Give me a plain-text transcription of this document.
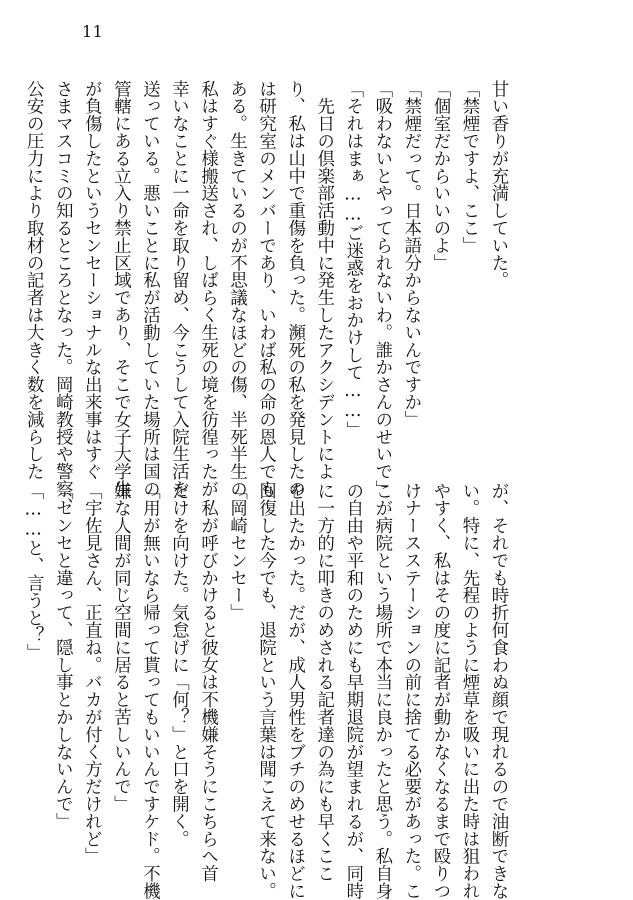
11
甘い香りが充満していた。
「禁煙ですよ、ここ」
「個室だからいいのよ」
「禁煙だって。日本語分からないんですか」
「吸わないとやってられないわ。誰かさんのせいで」
「それはまぁ……ご迷惑をおかけして……」
　先日の倶楽部活動中に発生したアクシデントによ
り、私は山中で重傷を負った。瀕死の私を発見したの
は研究室のメンバーであり、いわば私の命の恩人でも
ある。生きているのが不思議なほどの傷、半死半生の
私はすぐ様搬送され、しばらく生死の境を彷徨ったが
幸いなことに一命を取り留め、今こうして入院生活を
送っている。悪いことに私が活動していた場所は国の
管轄にある立入り禁止区域であり、そこで女子大学生
が負傷したというセンセーショナルな出来事はすぐ
さまマスコミの知るところとなった。岡崎教授や警察、
公安の圧力により取材の記者は大きく数を減らした
が、それでも時折何食わぬ顔で現れるので油断できな
い。特に、先程のように煙草を吸いに出た時は狙われ
やすく、私はその度に記者が動かなくなるまで殴りつ
けナースステーションの前に捨てる必要があった。こ
こが病院という場所で本当に良かったと思う。私自身
の自由や平和のためにも早期退院が望まれるが、同時
に一方的に叩きのめされる記者達の為にも早くここ
を出たかった。だが、成人男性をブチのめせるほどに
回復した今でも、退院という言葉は聞こえて来ない。
「岡崎センセー」
　私が呼びかけると彼女は不機嫌そうにこちらへ首
だけを向けた。気怠げに「何？」と口を開く。
「用が無いなら帰って貰ってもいいんですケド。不機
嫌な人間が同じ空間に居ると苦しいんで」
「宇佐見さん、正直ね。バカが付く方だけれど」
「センセと違って、隠し事とかしないんで」
「……と、言うと？」
